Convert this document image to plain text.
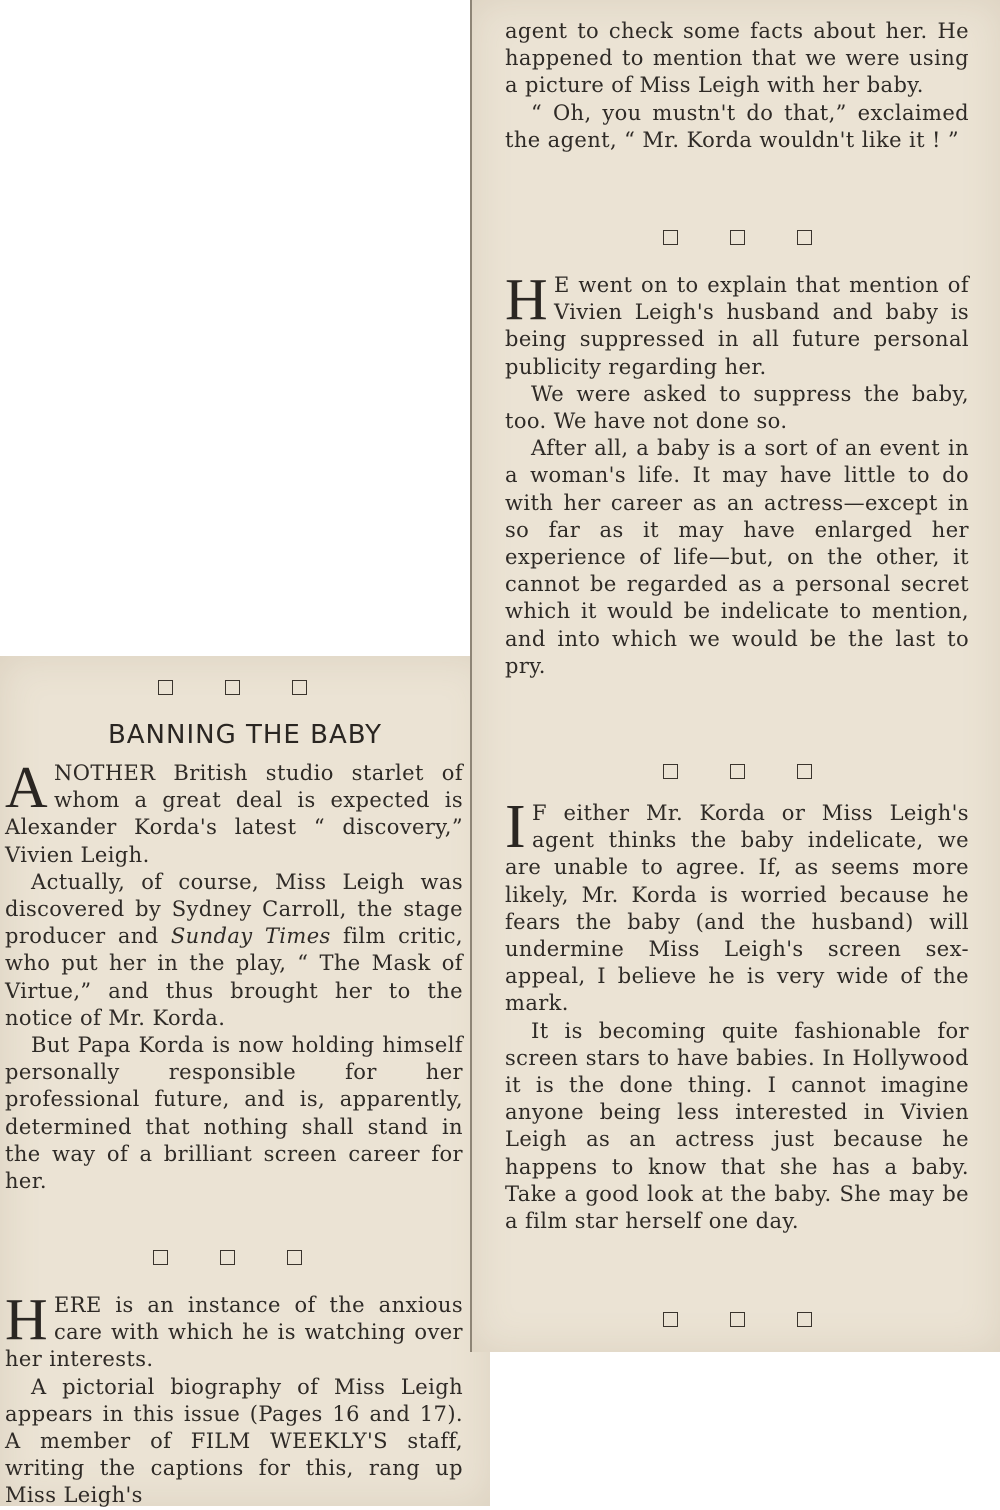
BANNING THE BABY
A NOTHER British studio starlet of whom a great deal is expected is Alexander Korda's latest “ discovery,” Vivien Leigh.
Actually, of course, Miss Leigh was discovered by Sydney Carroll, the stage producer and Sunday Times film critic, who put her in the play, “ The Mask of Virtue,” and thus brought her to the notice of Mr. Korda.
But Papa Korda is now holding himself personally responsible for her professional future, and is, apparently, determined that nothing shall stand in the way of a brilliant screen career for her.
H ERE is an instance of the anxious care with which he is watching over her interests.
A pictorial biography of Miss Leigh appears in this issue (Pages 16 and 17). A member of FILM WEEKLY'S staff, writing the captions for this, rang up Miss Leigh's
agent to check some facts about her. He happened to mention that we were using a picture of Miss Leigh with her baby.
“ Oh, you mustn't do that,” exclaimed the agent, “ Mr. Korda wouldn't like it ! ”
H E went on to explain that mention of Vivien Leigh's husband and baby is being suppressed in all future personal publicity regarding her.
We were asked to suppress the baby, too. We have not done so.
After all, a baby is a sort of an event in a woman's life. It may have little to do with her career as an actress—except in so far as it may have enlarged her experience of life—but, on the other, it cannot be regarded as a personal secret which it would be indelicate to mention, and into which we would be the last to pry.
I F either Mr. Korda or Miss Leigh's agent thinks the baby indelicate, we are unable to agree. If, as seems more likely, Mr. Korda is worried because he fears the baby (and the husband) will undermine Miss Leigh's screen sex-appeal, I believe he is very wide of the mark.
It is becoming quite fashionable for screen stars to have babies. In Hollywood it is the done thing. I cannot imagine anyone being less interested in Vivien Leigh as an actress just because he happens to know that she has a baby. Take a good look at the baby. She may be a film star herself one day.
